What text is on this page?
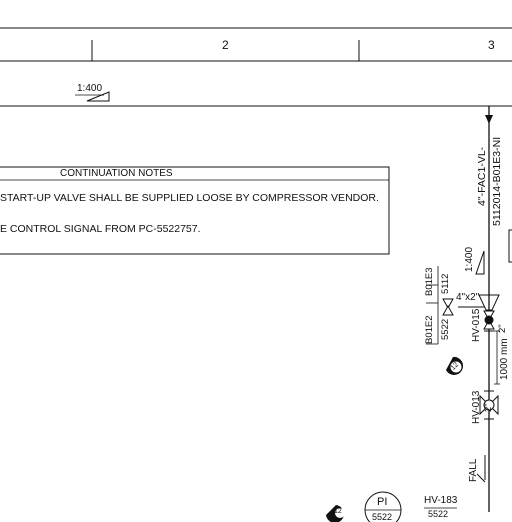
2	3
1:400
CONTINUATION NOTES
START-UP VALVE SHALL BE SUPPLIED LOOSE BY COMPRESSOR VENDOR.
E CONTROL SIGNAL FROM PC-5522757.
4"-FAC1-VL- 5112014-B01E3-NI
1:400
B01E3 5112
B01E2 5522
4"x2"
HV-015 2"
1000 mm
12
HV-013 2"
FALL
PI
5522
HV-183
5522
12
